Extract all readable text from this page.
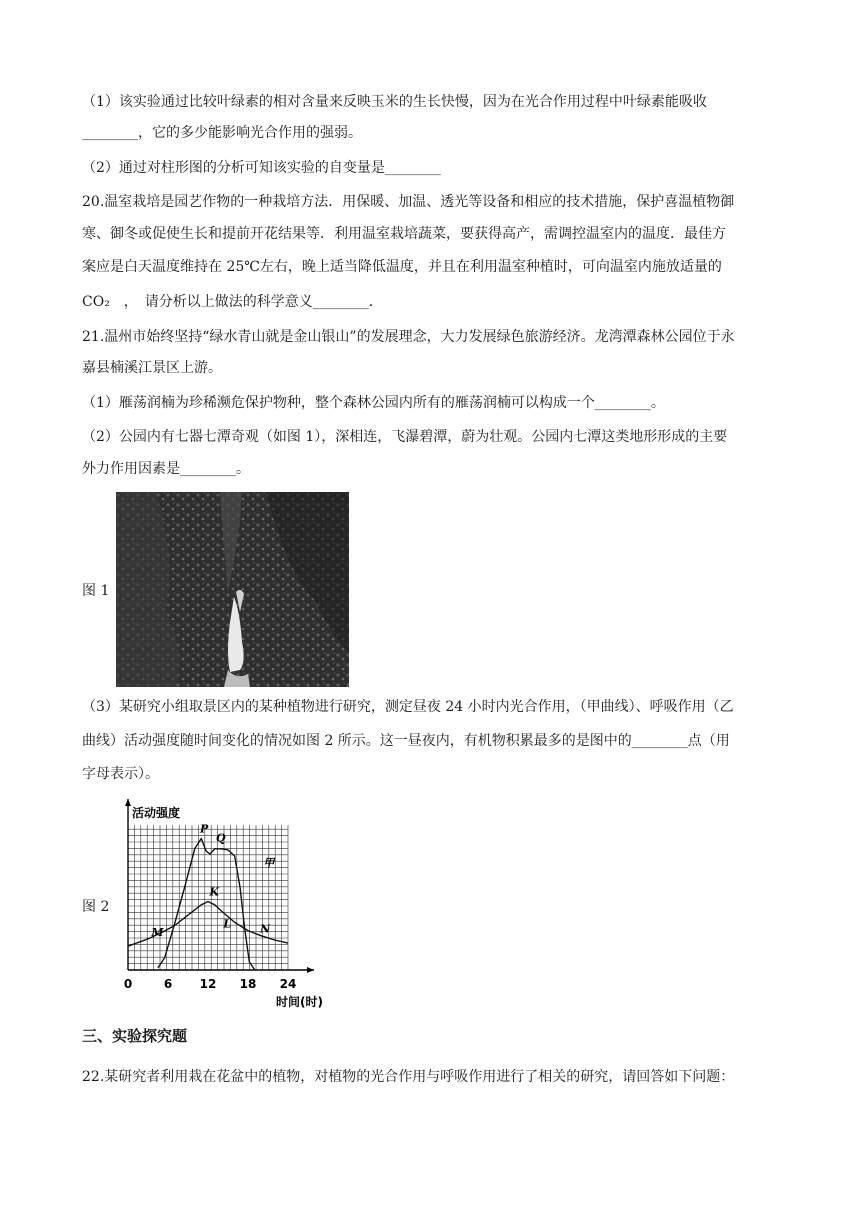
（1）该实验通过比较叶绿素的相对含量来反映玉米的生长快慢，因为在光合作用过程中叶绿素能吸收
________，它的多少能影响光合作用的强弱。
（2）通过对柱形图的分析可知该实验的自变量是________
20.温室栽培是园艺作物的一种栽培方法．用保暖、加温、透光等设备和相应的技术措施，保护喜温植物御
寒、御冬或促使生长和提前开花结果等．利用温室栽培蔬菜，要获得高产，需调控温室内的温度．最佳方
案应是白天温度维持在 25℃左右，晚上适当降低温度，并且在利用温室种植时，可向温室内施放适量的
CO₂　，　请分析以上做法的科学意义________．
21.温州市始终坚持“绿水青山就是金山银山”的发展理念，大力发展绿色旅游经济。龙湾潭森林公园位于永
嘉县楠溪江景区上游。
（1）雁荡润楠为珍稀濒危保护物种，整个森林公园内所有的雁荡润楠可以构成一个________。
（2）公园内有七器七潭奇观（如图 1），深相连，飞瀑碧潭，蔚为壮观。公园内七潭这类地形形成的主要
外力作用因素是________。
图 1
（3）某研究小组取景区内的某种植物进行研究，测定昼夜 24 小时内光合作用，（甲曲线）、呼吸作用（乙
曲线）活动强度随时间变化的情况如图 2 所示。这一昼夜内，有机物积累最多的是图中的________点（用
字母表示）。
图 2
活动强度
时间(时)
0	6 12 18 24
M
P
Q
K
L	N
甲
三、实验探究题
22.某研究者利用栽在花盆中的植物，对植物的光合作用与呼吸作用进行了相关的研究，请回答如下问题：
